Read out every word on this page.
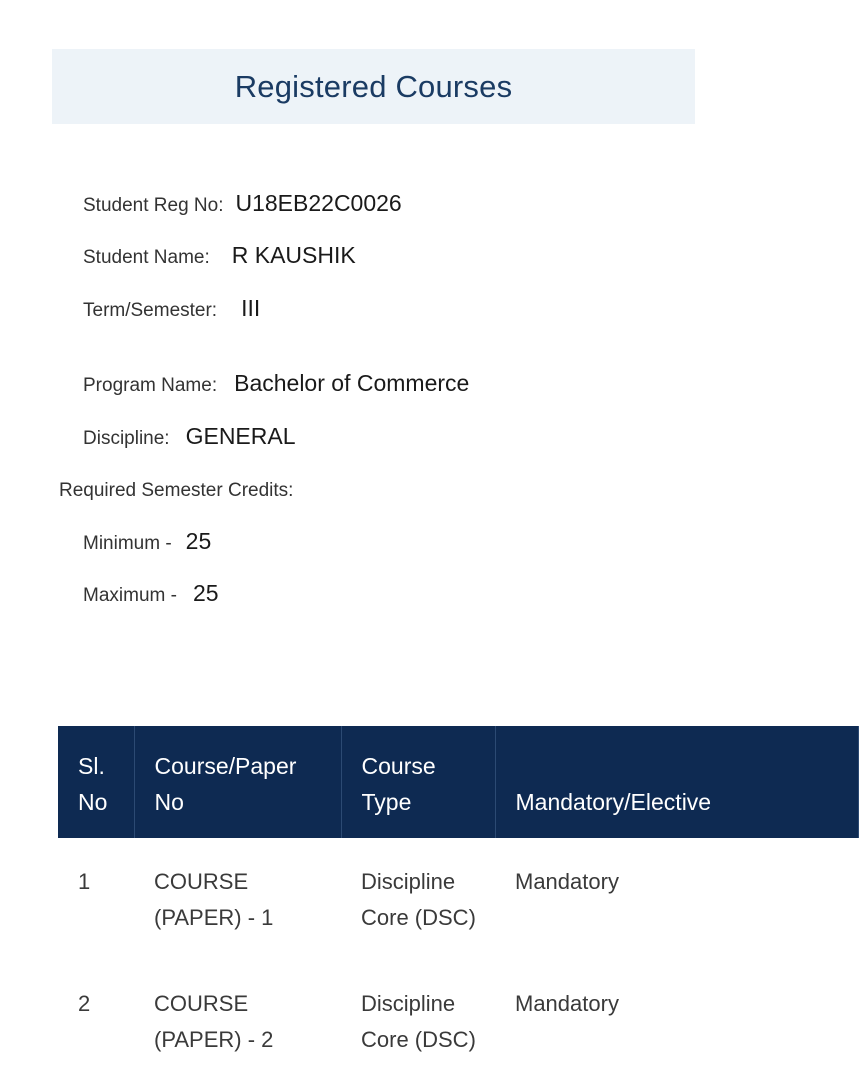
Registered Courses
Student Reg No: U18EB22C0026
Student Name: R KAUSHIK
Term/Semester: III
Program Name: Bachelor of Commerce
Discipline: GENERAL
Required Semester Credits:
Minimum - 25
Maximum - 25
Sl. No	Course/Paper No	Course Type	Mandatory/Elective
1	COURSE (PAPER) - 1	Discipline Core (DSC)	Mandatory
2	COURSE (PAPER) - 2	Discipline Core (DSC)	Mandatory
